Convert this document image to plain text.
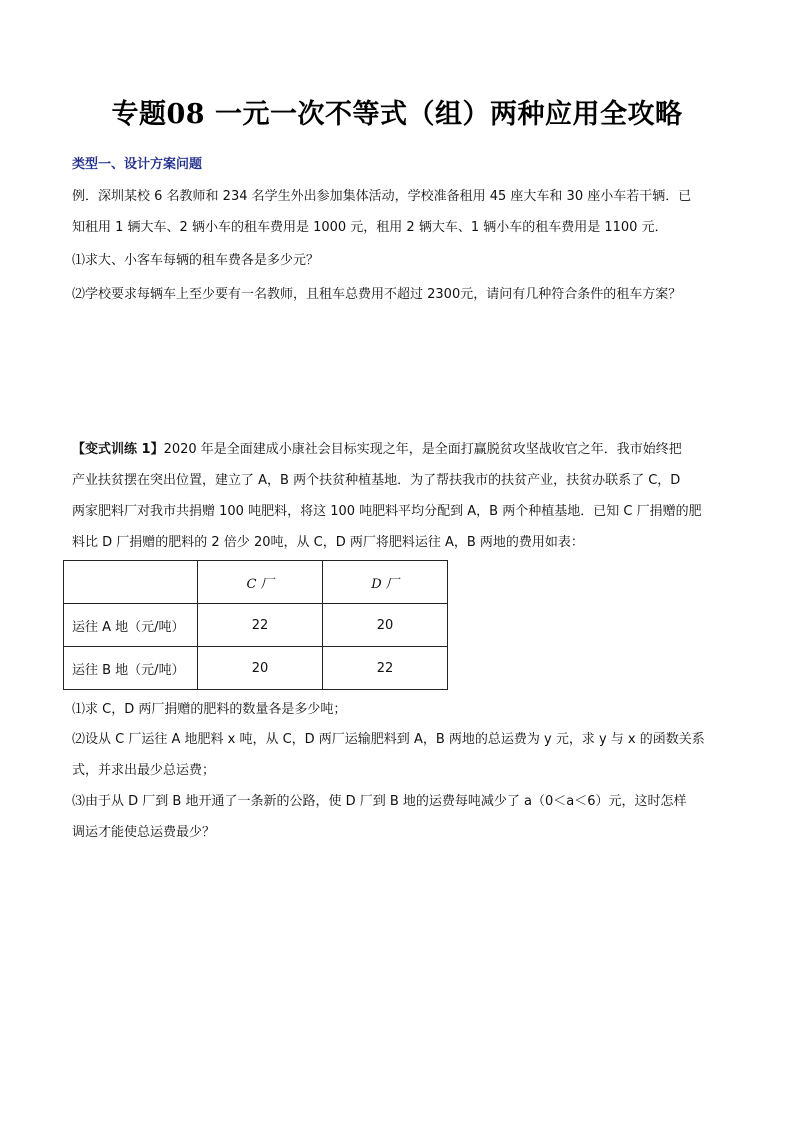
专题08 一元一次不等式（组）两种应用全攻略
类型一、设计方案问题
例．深圳某校 6 名教师和 234 名学生外出参加集体活动，学校准备租用 45 座大车和 30 座小车若干辆．已
知租用 1 辆大车、2 辆小车的租车费用是 1000 元，租用 2 辆大车、1 辆小车的租车费用是 1100 元．
⑴求大、小客车每辆的租车费各是多少元？
⑵学校要求每辆车上至少要有一名教师，且租车总费用不超过 2300元，请问有几种符合条件的租车方案？
【变式训练 1】2020 年是全面建成小康社会目标实现之年，是全面打赢脱贫攻坚战收官之年．我市始终把
产业扶贫摆在突出位置，建立了 A，B 两个扶贫种植基地．为了帮扶我市的扶贫产业，扶贫办联系了 C，D
两家肥料厂对我市共捐赠 100 吨肥料，将这 100 吨肥料平均分配到 A，B 两个种植基地．已知 C 厂捐赠的肥
料比 D 厂捐赠的肥料的 2 倍少 20吨，从 C，D 两厂将肥料运往 A，B 两地的费用如表：
	C 厂	D 厂
运往 A 地（元/吨）	22	20
运往 B 地（元/吨）	20	22
⑴求 C，D 两厂捐赠的肥料的数量各是多少吨；
⑵设从 C 厂运往 A 地肥料 x 吨，从 C，D 两厂运输肥料到 A，B 两地的总运费为 y 元，求 y 与 x 的函数关系
式，并求出最少总运费；
⑶由于从 D 厂到 B 地开通了一条新的公路，使 D 厂到 B 地的运费每吨减少了 a（0＜a＜6）元，这时怎样
调运才能使总运费最少？
